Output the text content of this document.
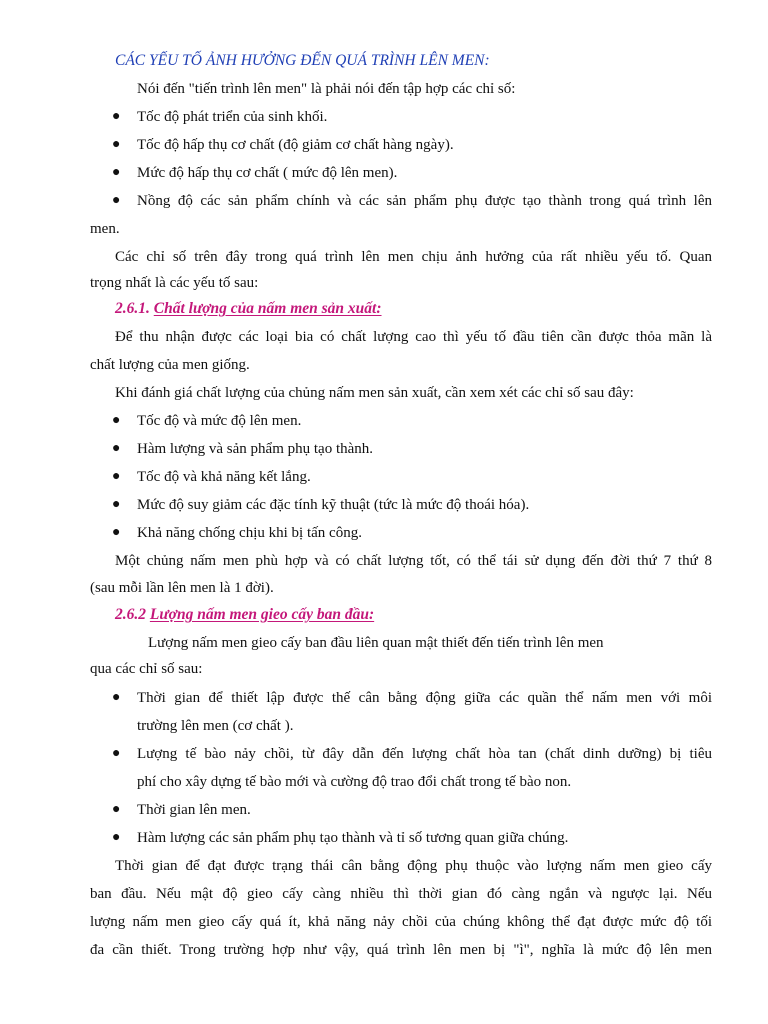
CÁC YẾU TỐ ẢNH HƯỞNG ĐẾN QUÁ TRÌNH LÊN MEN:
Nói đến "tiến trình lên men" là phải nói đến tập hợp các chỉ số:
● Tốc độ phát triển của sinh khối.
● Tốc độ hấp thụ cơ chất (độ giảm cơ chất hàng ngày).
● Mức độ hấp thụ cơ chất ( mức độ lên men).
● Nồng độ các sản phẩm chính và các sản phẩm phụ được tạo thành trong quá trình lên
men.
Các chỉ số trên đây trong quá trình lên men chịu ảnh hưởng của rất nhiều yếu tố. Quan
trọng nhất là các yếu tố sau:
2.6.1. Chất lượng của nấm men sản xuất:
Để thu nhận được các loại bia có chất lượng cao thì yếu tố đầu tiên cần được thỏa mãn là
chất lượng của men giống.
Khi đánh giá chất lượng của chủng nấm men sản xuất, cần xem xét các chỉ số sau đây:
● Tốc độ và mức độ lên men.
● Hàm lượng và sản phẩm phụ tạo thành.
● Tốc độ và khả năng kết lắng.
● Mức độ suy giảm các đặc tính kỹ thuật (tức là mức độ thoái hóa).
● Khả năng chống chịu khi bị tấn công.
Một chủng nấm men phù hợp và có chất lượng tốt, có thể tái sử dụng đến đời thứ 7 thứ 8
(sau mỗi lần lên men là 1 đời).
2.6.2 Lượng nấm men gieo cấy ban đầu:
Lượng nấm men gieo cấy ban đầu liên quan mật thiết đến tiến trình lên men
qua các chỉ số sau:
● Thời gian để thiết lập được thế cân bằng động giữa các quần thể nấm men với môi
trường lên men (cơ chất ).
● Lượng tế bào nảy chồi, từ đây dẫn đến lượng chất hòa tan (chất dinh dưỡng) bị tiêu
phí cho xây dựng tế bào mới và cường độ trao đổi chất trong tế bào non.
● Thời gian lên men.
● Hàm lượng các sản phẩm phụ tạo thành và tỉ số tương quan giữa chúng.
Thời gian để đạt được trạng thái cân bằng động phụ thuộc vào lượng nấm men gieo cấy
ban đầu. Nếu mật độ gieo cấy càng nhiều thì thời gian đó càng ngắn và ngược lại. Nếu
lượng nấm men gieo cấy quá ít, khả năng nảy chồi của chúng không thể đạt được mức độ tối
đa cần thiết. Trong trường hợp như vậy, quá trình lên men bị "ì", nghĩa là mức độ lên men
